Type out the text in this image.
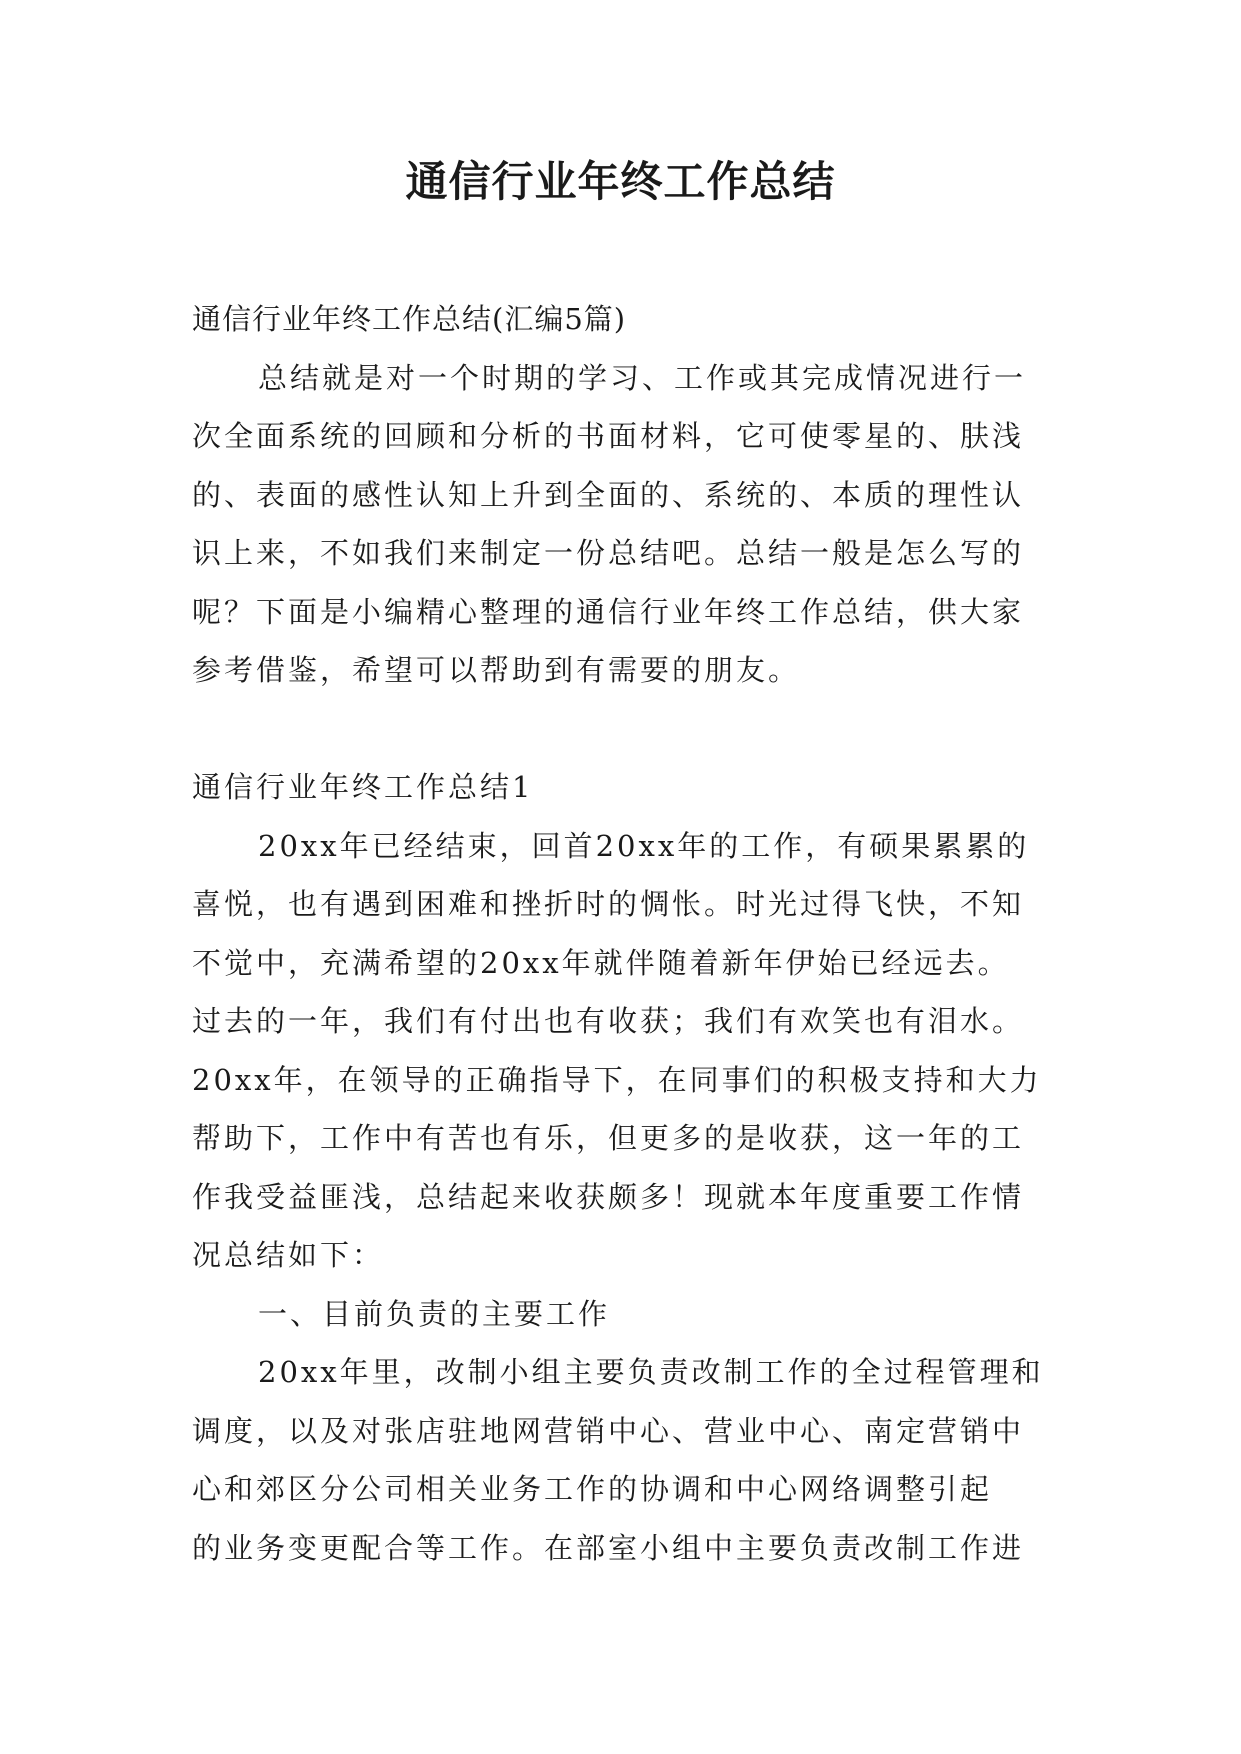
通信行业年终工作总结
通信行业年终工作总结(汇编5篇)
总结就是对一个时期的学习、工作或其完成情况进行一
次全面系统的回顾和分析的书面材料，它可使零星的、肤浅
的、表面的感性认知上升到全面的、系统的、本质的理性认
识上来，不如我们来制定一份总结吧。总结一般是怎么写的
呢？下面是小编精心整理的通信行业年终工作总结，供大家
参考借鉴，希望可以帮助到有需要的朋友。
通信行业年终工作总结1
20xx年已经结束，回首20xx年的工作，有硕果累累的
喜悦，也有遇到困难和挫折时的惆怅。时光过得飞快，不知
不觉中，充满希望的20xx年就伴随着新年伊始已经远去。
过去的一年，我们有付出也有收获；我们有欢笑也有泪水。
20xx年，在领导的正确指导下，在同事们的积极支持和大力
帮助下，工作中有苦也有乐，但更多的是收获，这一年的工
作我受益匪浅，总结起来收获颇多！现就本年度重要工作情
况总结如下：
一、目前负责的主要工作
20xx年里，改制小组主要负责改制工作的全过程管理和
调度，以及对张店驻地网营销中心、营业中心、南定营销中
心和郊区分公司相关业务工作的协调和中心网络调整引起
的业务变更配合等工作。在部室小组中主要负责改制工作进
